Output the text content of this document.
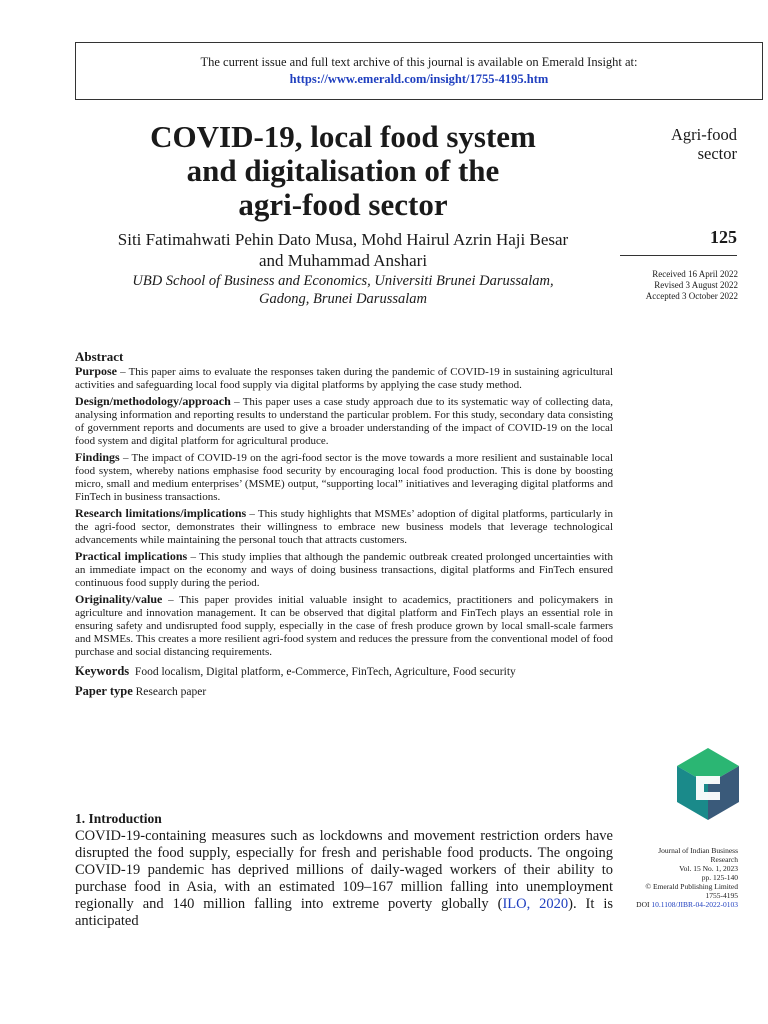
The current issue and full text archive of this journal is available on Emerald Insight at:
https://www.emerald.com/insight/1755-4195.htm
COVID-19, local food system
and digitalisation of the
agri-food sector
Siti Fatimahwati Pehin Dato Musa, Mohd Hairul Azrin Haji Besar
and Muhammad Anshari
UBD School of Business and Economics, Universiti Brunei Darussalam,
Gadong, Brunei Darussalam
Agri-food
sector
125
Received 16 April 2022
Revised 3 August 2022
Accepted 3 October 2022
Abstract

Purpose – This paper aims to evaluate the responses taken during the pandemic of COVID-19 in sustaining agricultural activities and safeguarding local food supply via digital platforms by applying the case study method.

Design/methodology/approach – This paper uses a case study approach due to its systematic way of collecting data, analysing information and reporting results to understand the particular problem. For this study, secondary data consisting of government reports and documents are used to give a broader understanding of the impact of COVID-19 on the local food system and digital platform for agricultural produce.

Findings – The impact of COVID-19 on the agri-food sector is the move towards a more resilient and sustainable local food system, whereby nations emphasise food security by encouraging local food production. This is done by boosting micro, small and medium enterprises’ (MSME) output, “supporting local” initiatives and leveraging digital platforms and FinTech in business transactions.

Research limitations/implications – This study highlights that MSMEs’ adoption of digital platforms, particularly in the agri-food sector, demonstrates their willingness to embrace new business models that leverage technological advancements while maintaining the personal touch that attracts customers.

Practical implications – This study implies that although the pandemic outbreak created prolonged uncertainties with an immediate impact on the economy and ways of doing business transactions, digital platforms and FinTech ensured continuous food supply during the period.

Originality/value – This paper provides initial valuable insight to academics, practitioners and policymakers in agriculture and innovation management. It can be observed that digital platform and FinTech plays an essential role in ensuring safety and undisrupted food supply, especially in the case of fresh produce grown by local small-scale farmers and MSMEs. This creates a more resilient agri-food system and reduces the pressure from the conventional model of food purchase and social distancing requirements.

Keywords Food localism, Digital platform, e-Commerce, FinTech, Agriculture, Food security
Paper type Research paper
1. Introduction
COVID-19-containing measures such as lockdowns and movement restriction orders have disrupted the food supply, especially for fresh and perishable food products. The ongoing COVID-19 pandemic has deprived millions of daily-waged workers of their ability to purchase food in Asia, with an estimated 109–167 million falling into unemployment regionally and 140 million falling into extreme poverty globally (ILO, 2020). It is anticipated
Journal of Indian Business
Research
Vol. 15 No. 1, 2023
pp. 125-140
© Emerald Publishing Limited
1755-4195
DOI 10.1108/JIBR-04-2022-0103
